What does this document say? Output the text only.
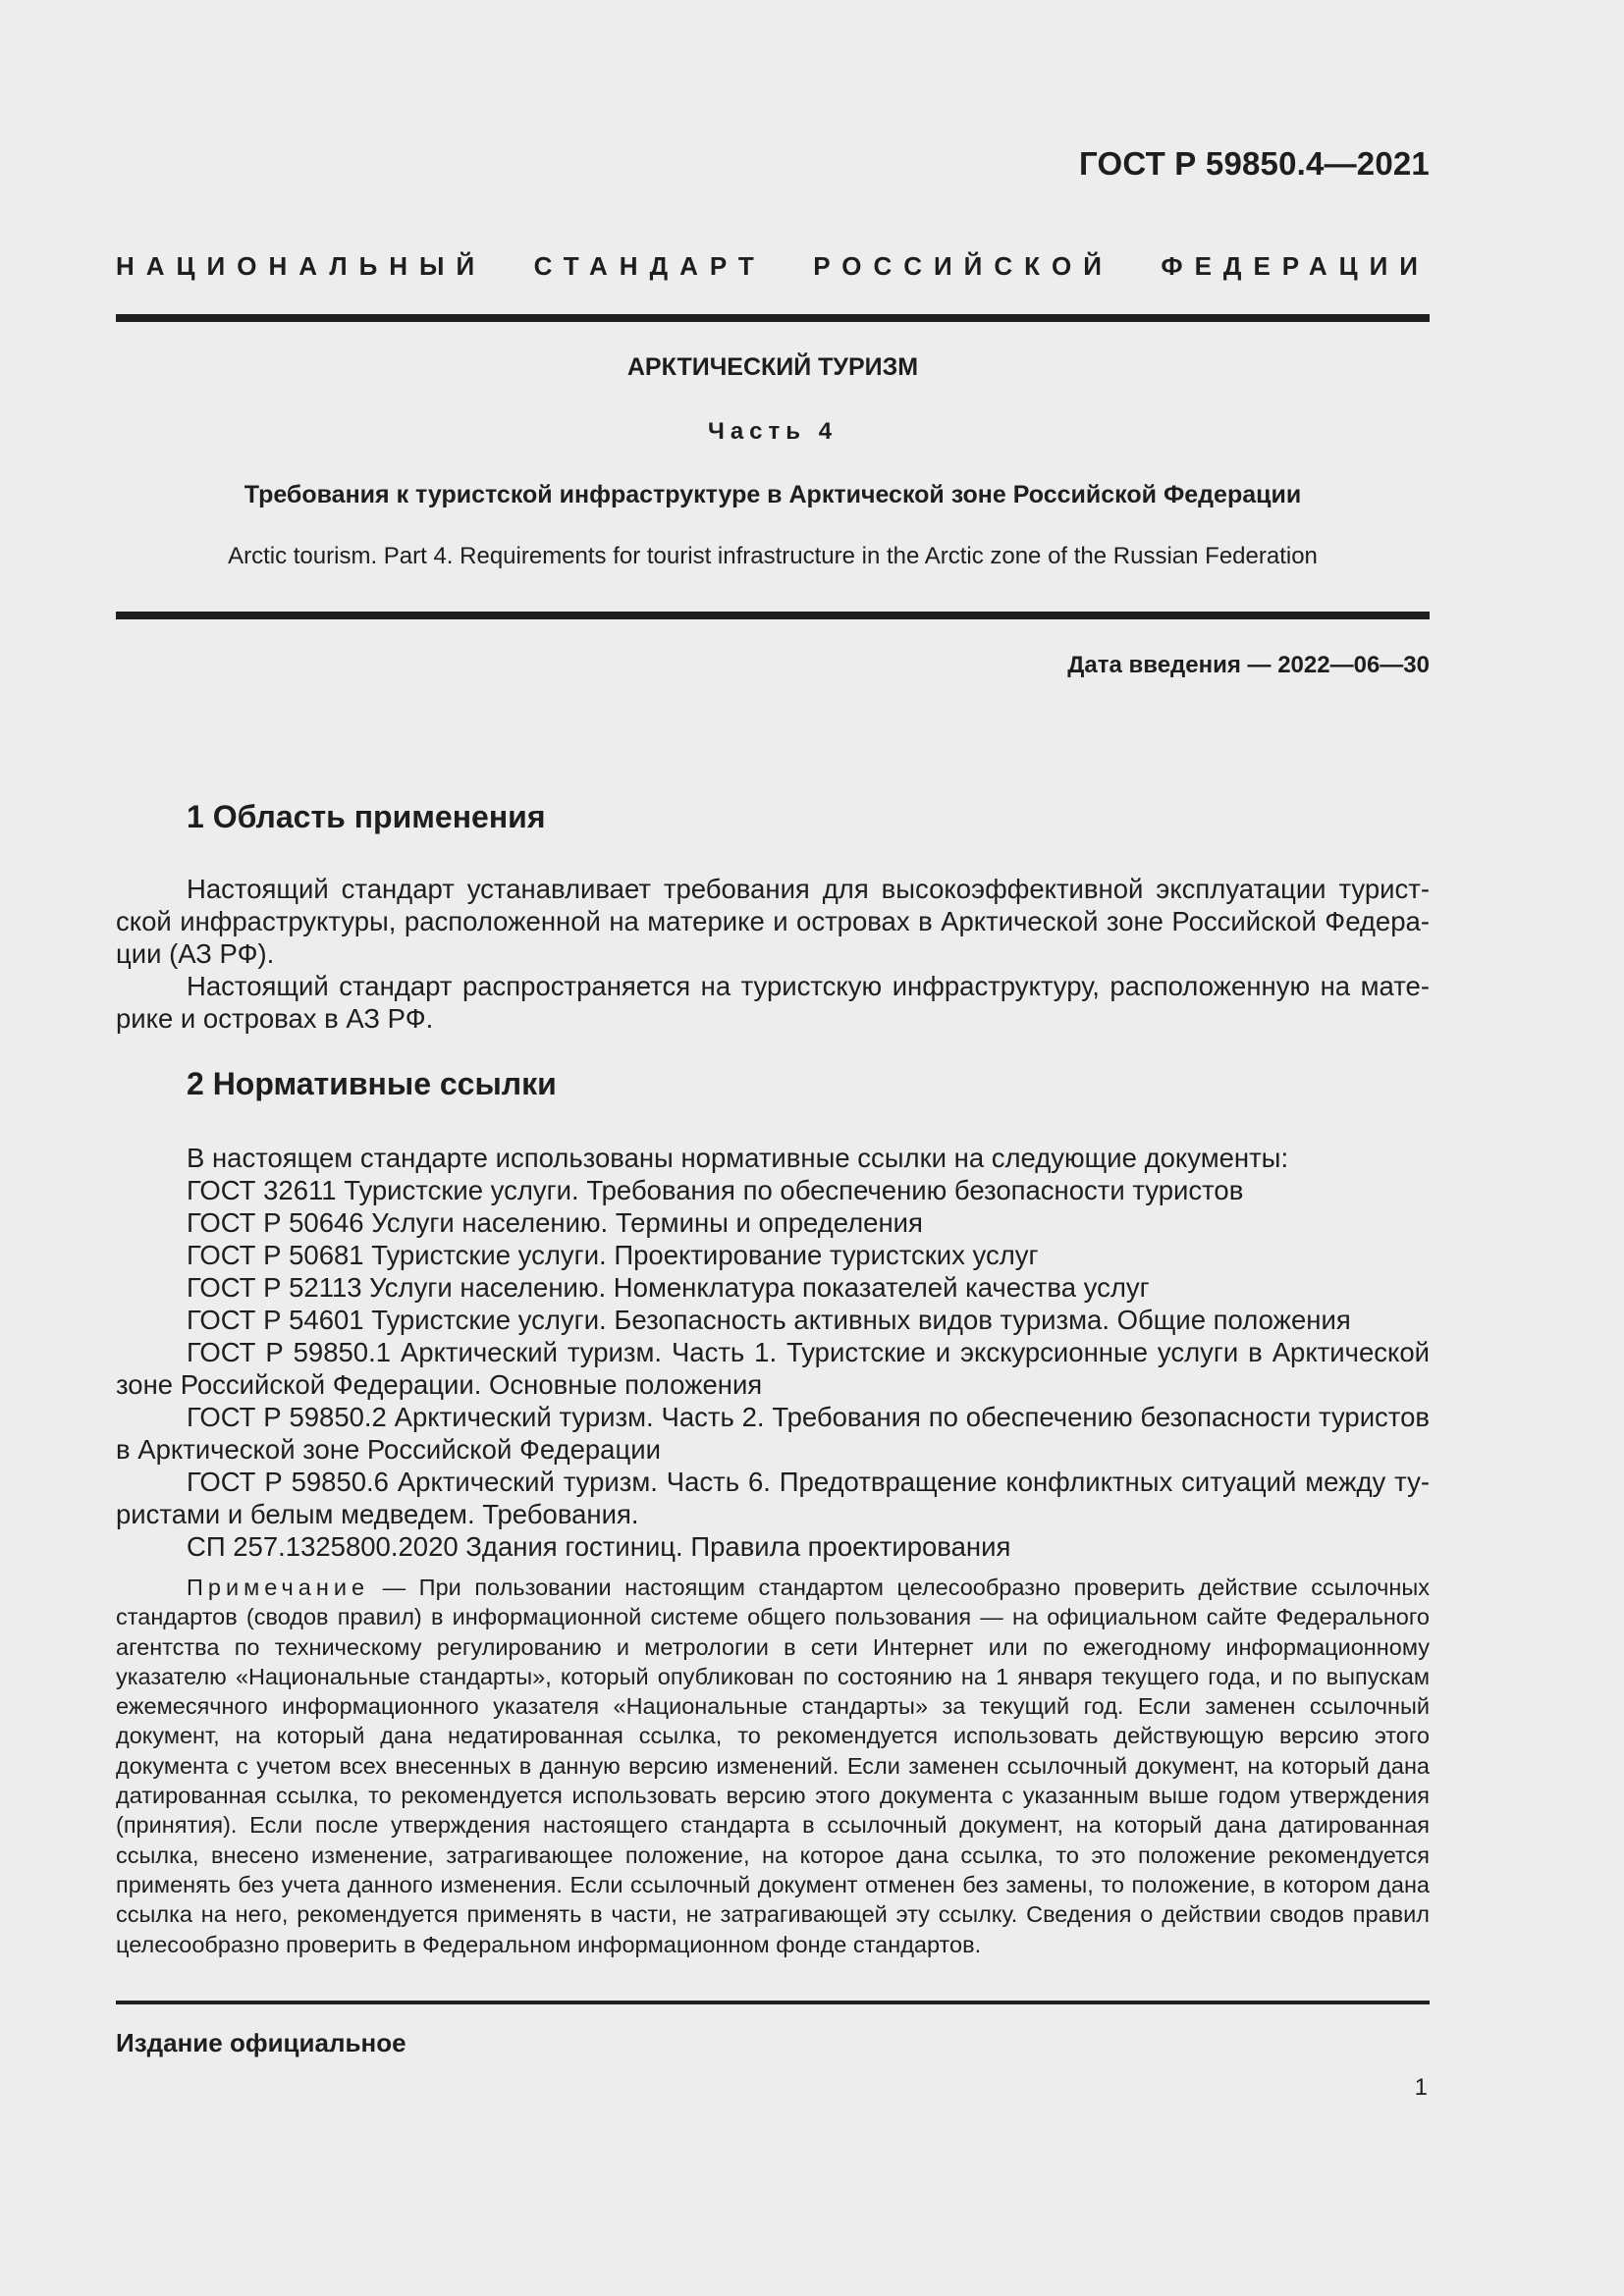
ГОСТ Р 59850.4—2021
НАЦИОНАЛЬНЫЙ СТАНДАРТ РОССИЙСКОЙ ФЕДЕРАЦИИ
АРКТИЧЕСКИЙ ТУРИЗМ
Часть 4
Требования к туристской инфраструктуре в Арктической зоне Российской Федерации
Arctic tourism. Part 4. Requirements for tourist infrastructure in the Arctic zone of the Russian Federation
Дата введения — 2022—06—30
1 Область применения

Настоящий стандарт устанавливает требования для высокоэффективной эксплуатации туристской инфраструктуры, расположенной на материке и островах в Арктической зоне Российской Федерации (АЗ РФ).

Настоящий стандарт распространяется на туристскую инфраструктуру, расположенную на материке и островах в АЗ РФ.

2 Нормативные ссылки

В настоящем стандарте использованы нормативные ссылки на следующие документы:

ГОСТ 32611 Туристские услуги. Требования по обеспечению безопасности туристов

ГОСТ Р 50646 Услуги населению. Термины и определения

ГОСТ Р 50681 Туристские услуги. Проектирование туристских услуг

ГОСТ Р 52113 Услуги населению. Номенклатура показателей качества услуг

ГОСТ Р 54601 Туристские услуги. Безопасность активных видов туризма. Общие положения

ГОСТ Р 59850.1 Арктический туризм. Часть 1. Туристские и экскурсионные услуги в Арктической зоне Российской Федерации. Основные положения

ГОСТ Р 59850.2 Арктический туризм. Часть 2. Требования по обеспечению безопасности туристов в Арктической зоне Российской Федерации

ГОСТ Р 59850.6 Арктический туризм. Часть 6. Предотвращение конфликтных ситуаций между туристами и белым медведем. Требования.

СП 257.1325800.2020 Здания гостиниц. Правила проектирования

Примечание — При пользовании настоящим стандартом целесообразно проверить действие ссылочных стандартов (сводов правил) в информационной системе общего пользования — на официальном сайте Федерального агентства по техническому регулированию и метрологии в сети Интернет или по ежегодному информационному указателю «Национальные стандарты», который опубликован по состоянию на 1 января текущего года, и по выпускам ежемесячного информационного указателя «Национальные стандарты» за текущий год. Если заменен ссылочный документ, на который дана недатированная ссылка, то рекомендуется использовать действующую версию этого документа с учетом всех внесенных в данную версию изменений. Если заменен ссылочный документ, на который дана датированная ссылка, то рекомендуется использовать версию этого документа с указанным выше годом утверждения (принятия). Если после утверждения настоящего стандарта в ссылочный документ, на который дана датированная ссылка, внесено изменение, затрагивающее положение, на которое дана ссылка, то это положение рекомендуется применять без учета данного изменения. Если ссылочный документ отменен без замены, то положение, в котором дана ссылка на него, рекомендуется применять в части, не затрагивающей эту ссылку. Сведения о действии сводов правил целесообразно проверить в Федеральном информационном фонде стандартов.

Издание официальное
1
